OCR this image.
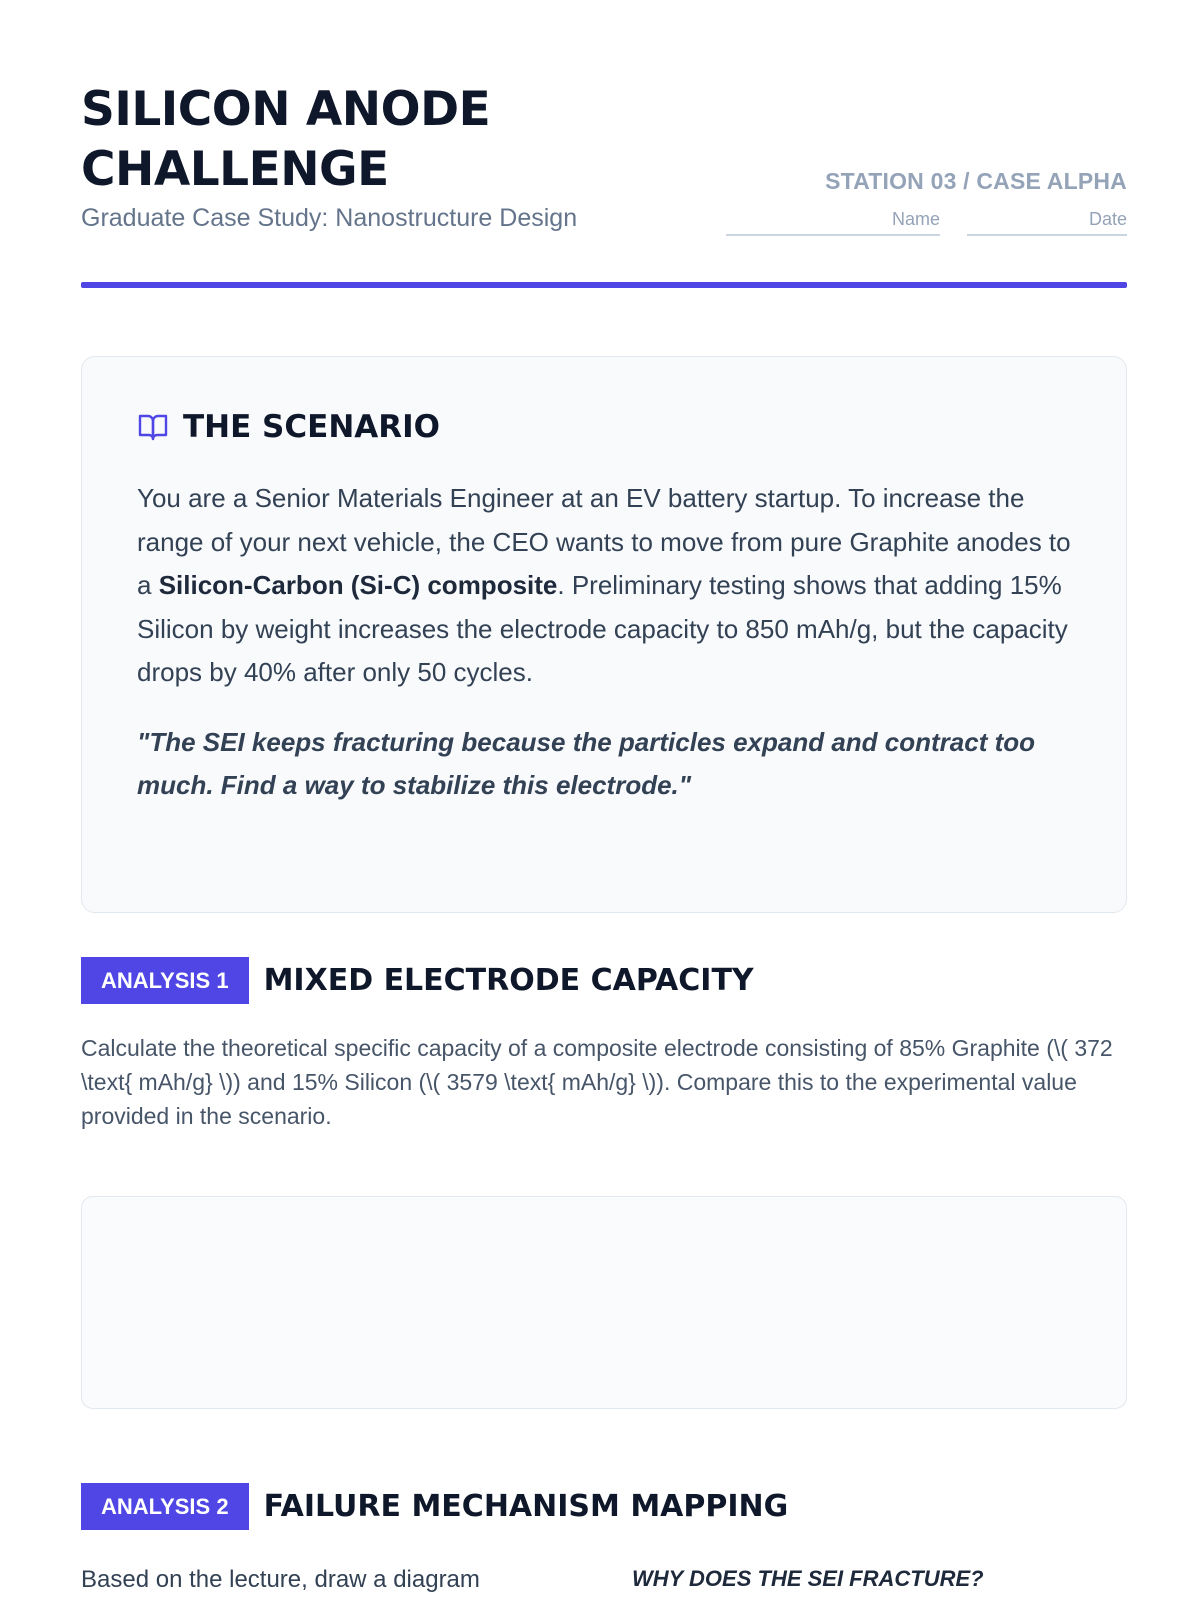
SILICON ANODE
CHALLENGE
Graduate Case Study: Nanostructure Design
STATION 03 / CASE ALPHA
Name	Date
THE SCENARIO

You are a Senior Materials Engineer at an EV battery startup. To increase the range of your next vehicle, the CEO wants to move from pure Graphite anodes to a Silicon-Carbon (Si-C) composite. Preliminary testing shows that adding 15% Silicon by weight increases the electrode capacity to 850 mAh/g, but the capacity drops by 40% after only 50 cycles.

"The SEI keeps fracturing because the particles expand and contract too much. Find a way to stabilize this electrode."

ANALYSIS 1	MIXED ELECTRODE CAPACITY

Calculate the theoretical specific capacity of a composite electrode consisting of 85% Graphite (\( 372 \text{ mAh/g} \)) and 15% Silicon (\( 3579 \text{ mAh/g} \)). Compare this to the experimental value provided in the scenario.

ANALYSIS 2	FAILURE MECHANISM MAPPING
Based on the lecture, draw a diagram	WHY DOES THE SEI FRACTURE?
